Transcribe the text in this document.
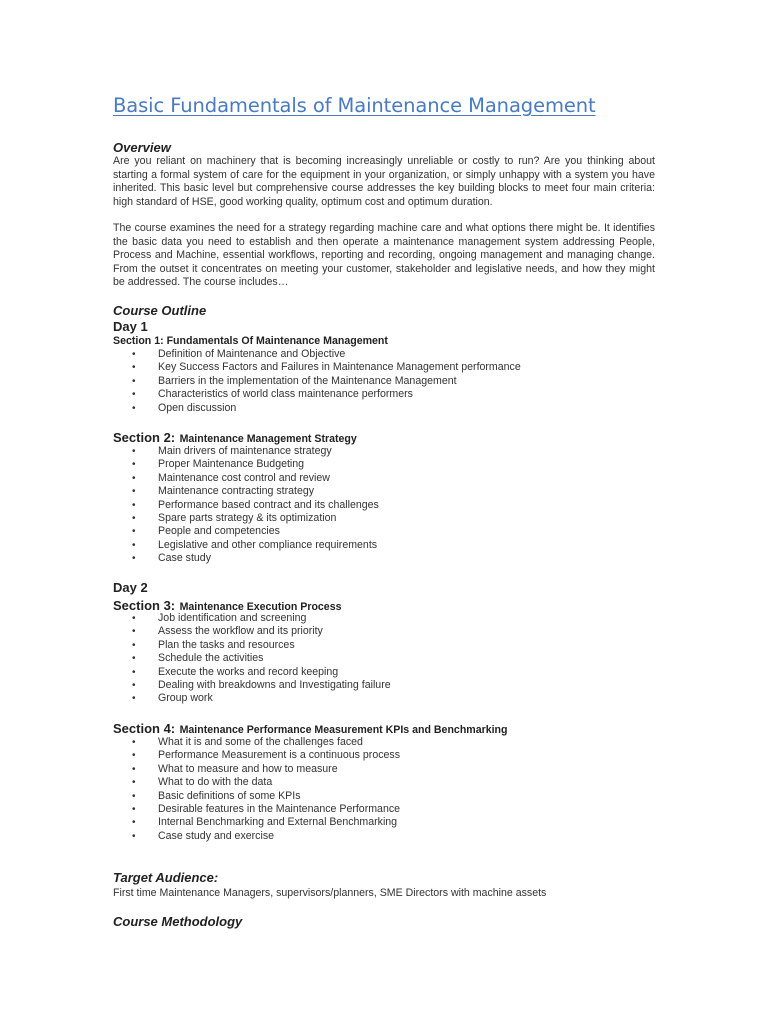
Basic Fundamentals of Maintenance Management
Overview

Are you reliant on machinery that is becoming increasingly unreliable or costly to run? Are you thinking about starting a formal system of care for the equipment in your organization, or simply unhappy with a system you have inherited. This basic level but comprehensive course addresses the key building blocks to meet four main criteria: high standard of HSE, good working quality, optimum cost and optimum duration.

The course examines the need for a strategy regarding machine care and what options there might be. It identifies the basic data you need to establish and then operate a maintenance management system addressing People, Process and Machine, essential workflows, reporting and recording, ongoing management and managing change. From the outset it concentrates on meeting your customer, stakeholder and legislative needs, and how they might be addressed. The course includes…

Course Outline
Day 1
Section 1: Fundamentals Of Maintenance Management
• Definition of Maintenance and Objective
• Key Success Factors and Failures in Maintenance Management performance
• Barriers in the implementation of the Maintenance Management
• Characteristics of world class maintenance performers
• Open discussion
Section 2: Maintenance Management Strategy
• Main drivers of maintenance strategy
• Proper Maintenance Budgeting
• Maintenance cost control and review
• Maintenance contracting strategy
• Performance based contract and its challenges
• Spare parts strategy & its optimization
• People and competencies
• Legislative and other compliance requirements
• Case study
Day 2
Section 3: Maintenance Execution Process
• Job identification and screening
• Assess the workflow and its priority
• Plan the tasks and resources
• Schedule the activities
• Execute the works and record keeping
• Dealing with breakdowns and Investigating failure
• Group work
Section 4: Maintenance Performance Measurement KPIs and Benchmarking
• What it is and some of the challenges faced
• Performance Measurement is a continuous process
• What to measure and how to measure
• What to do with the data
• Basic definitions of some KPIs
• Desirable features in the Maintenance Performance
• Internal Benchmarking and External Benchmarking
• Case study and exercise
Target Audience:
First time Maintenance Managers, supervisors/planners, SME Directors with machine assets
Course Methodology
